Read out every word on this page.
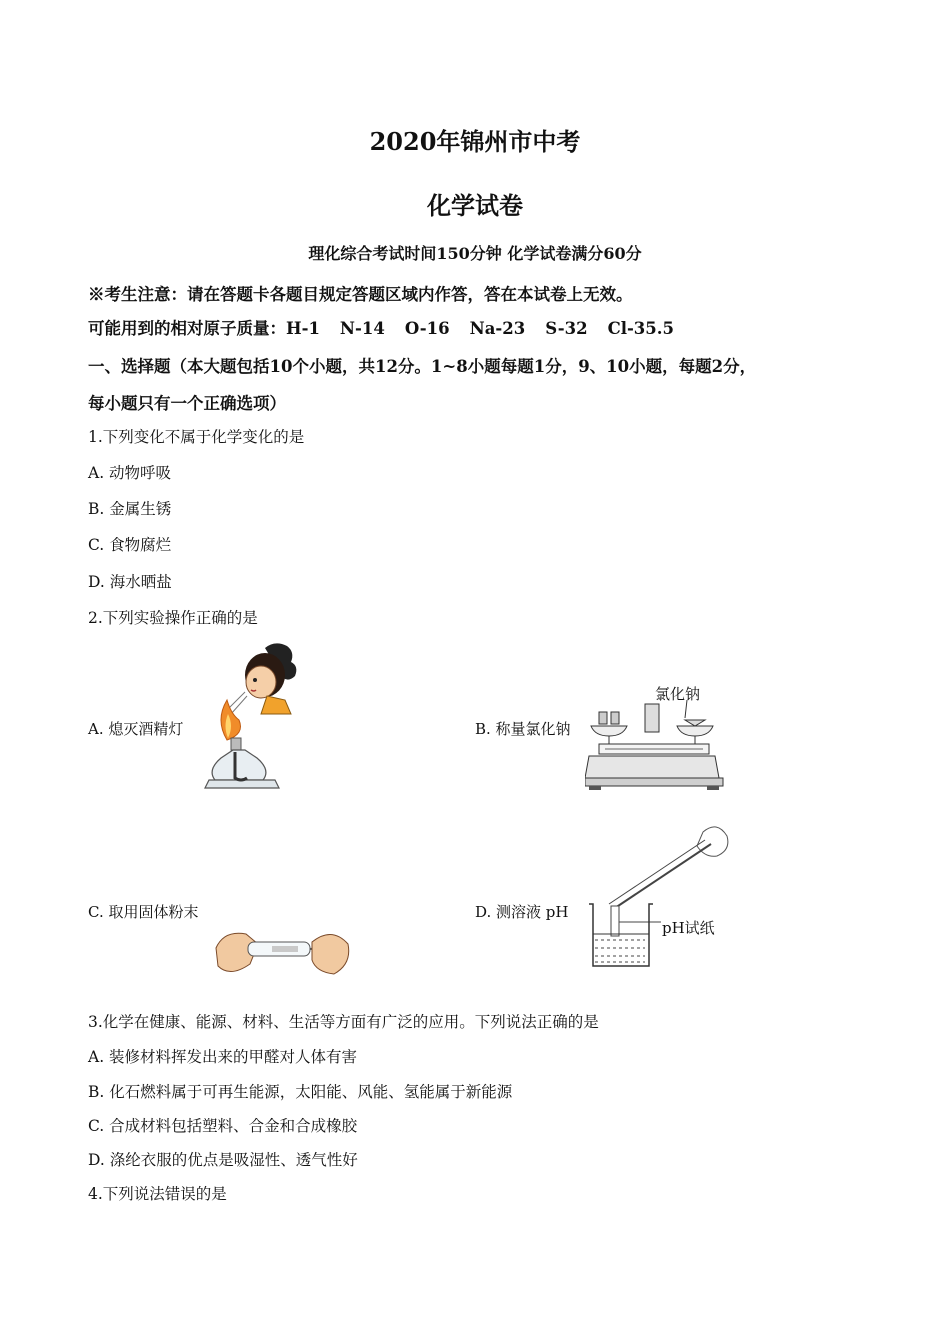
2020年锦州市中考
化学试卷
理化综合考试时间150分钟 化学试卷满分60分
※考生注意：请在答题卡各题目规定答题区域内作答，答在本试卷上无效。
可能用到的相对原子质量：H-1 N-14 O-16 Na-23 S-32 Cl-35.5
一、选择题（本大题包括10个小题，共12分。1~8小题每题1分，9、10小题，每题2分，
每小题只有一个正确选项）
1.下列变化不属于化学变化的是
A. 动物呼吸
B. 金属生锈
C. 食物腐烂
D. 海水晒盐
2.下列实验操作正确的是
A. 熄灭酒精灯	B. 称量氯化钠
C. 取用固体粉末	D. 测溶液 pH
氯化钠
pH试纸
3.化学在健康、能源、材料、生活等方面有广泛的应用。下列说法正确的是
A. 装修材料挥发出来的甲醛对人体有害
B. 化石燃料属于可再生能源，太阳能、风能、氢能属于新能源
C. 合成材料包括塑料、合金和合成橡胶
D. 涤纶衣服的优点是吸湿性、透气性好
4.下列说法错误的是
